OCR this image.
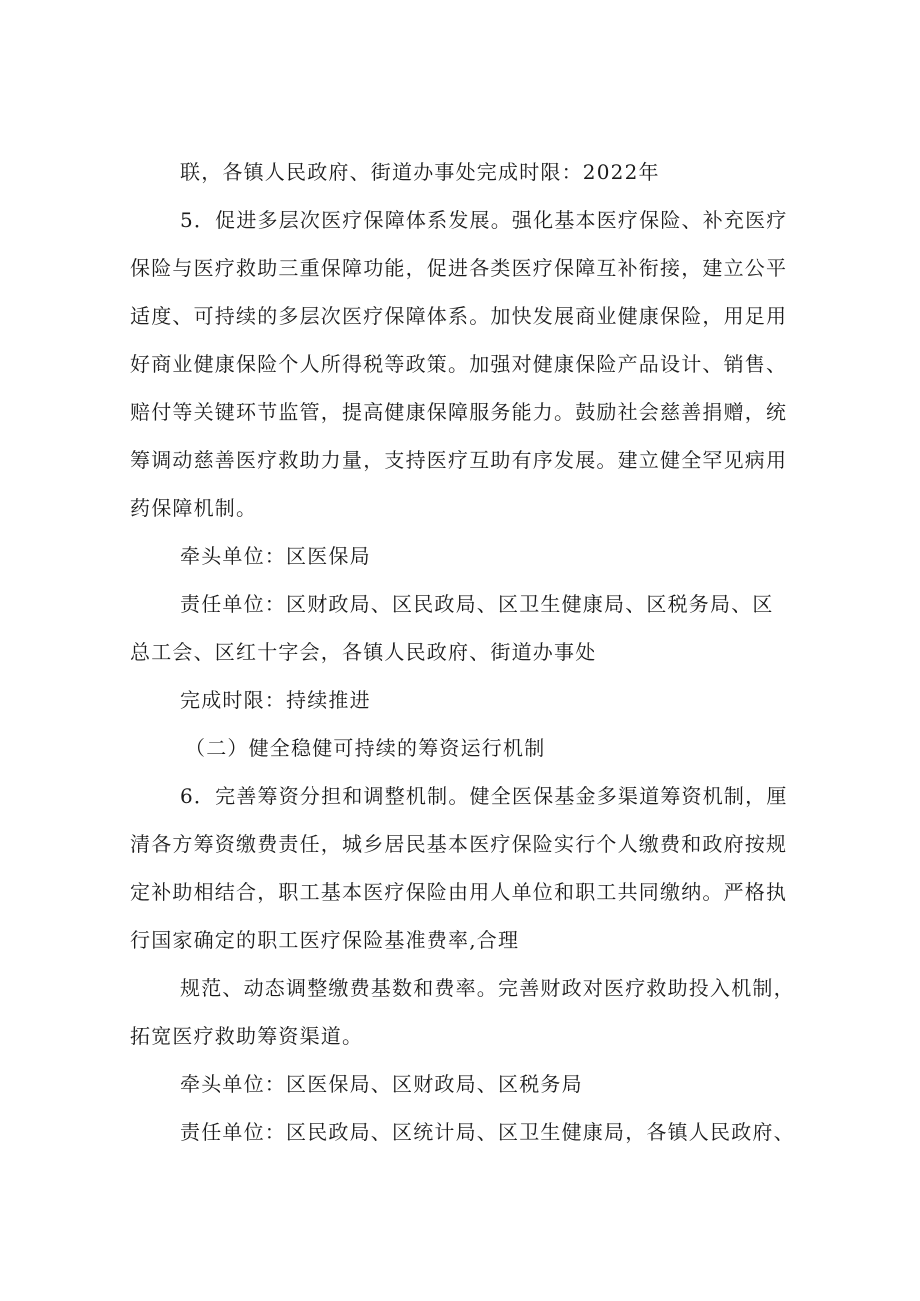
联，各镇人民政府、街道办事处完成时限：2022年
5．促进多层次医疗保障体系发展。强化基本医疗保险、补充医疗
保险与医疗救助三重保障功能，促进各类医疗保障互补衔接，建立公平
适度、可持续的多层次医疗保障体系。加快发展商业健康保险，用足用
好商业健康保险个人所得税等政策。加强对健康保险产品设计、销售、
赔付等关键环节监管，提高健康保障服务能力。鼓励社会慈善捐赠，统
筹调动慈善医疗救助力量，支持医疗互助有序发展。建立健全罕见病用
药保障机制。
牵头单位：区医保局
责任单位：区财政局、区民政局、区卫生健康局、区税务局、区
总工会、区红十字会，各镇人民政府、街道办事处
完成时限：持续推进
（二）健全稳健可持续的筹资运行机制
6．完善筹资分担和调整机制。健全医保基金多渠道筹资机制，厘
清各方筹资缴费责任，城乡居民基本医疗保险实行个人缴费和政府按规
定补助相结合，职工基本医疗保险由用人单位和职工共同缴纳。严格执
行国家确定的职工医疗保险基准费率,合理
规范、动态调整缴费基数和费率。完善财政对医疗救助投入机制，
拓宽医疗救助筹资渠道。
牵头单位：区医保局、区财政局、区税务局
责任单位：区民政局、区统计局、区卫生健康局，各镇人民政府、
